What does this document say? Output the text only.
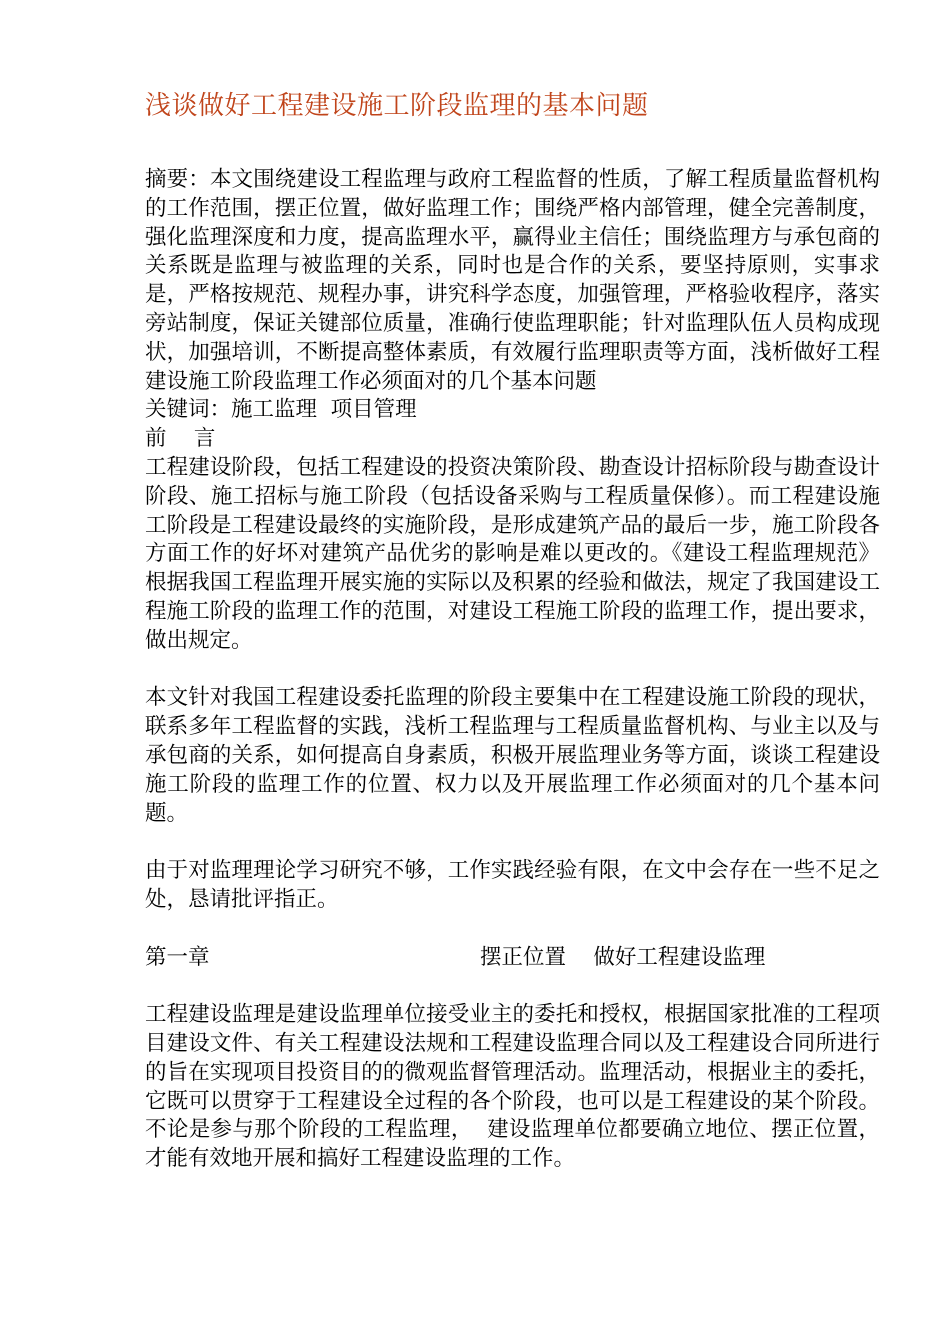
浅谈做好工程建设施工阶段监理的基本问题

摘要：本文围绕建设工程监理与政府工程监督的性质，了解工程质量监督机构的工作范围，摆正位置，做好监理工作；围绕严格内部管理，健全完善制度，强化监理深度和力度，提高监理水平，赢得业主信任；围绕监理方与承包商的关系既是监理与被监理的关系，同时也是合作的关系，要坚持原则，实事求是，严格按规范、规程办事，讲究科学态度，加强管理，严格验收程序，落实旁站制度，保证关键部位质量，准确行使监理职能；针对监理队伍人员构成现状，加强培训，不断提高整体素质，有效履行监理职责等方面，浅析做好工程建设施工阶段监理工作必须面对的几个基本问题

关键词：施工监理  项目管理

前    言

工程建设阶段，包括工程建设的投资决策阶段、勘查设计招标阶段与勘查设计阶段、施工招标与施工阶段（包括设备采购与工程质量保修）。而工程建设施工阶段是工程建设最终的实施阶段，是形成建筑产品的最后一步，施工阶段各方面工作的好坏对建筑产品优劣的影响是难以更改的。《建设工程监理规范》根据我国工程监理开展实施的实际以及积累的经验和做法，规定了我国建设工程施工阶段的监理工作的范围，对建设工程施工阶段的监理工作，提出要求，做出规定。

本文针对我国工程建设委托监理的阶段主要集中在工程建设施工阶段的现状，联系多年工程监督的实践，浅析工程监理与工程质量监督机构、与业主以及与承包商的关系，如何提高自身素质，积极开展监理业务等方面，谈谈工程建设施工阶段的监理工作的位置、权力以及开展监理工作必须面对的几个基本问题。

由于对监理理论学习研究不够，工作实践经验有限，在文中会存在一些不足之处，恳请批评指正。

第一章	摆正位置    做好工程建设监理

工程建设监理是建设监理单位接受业主的委托和授权，根据国家批准的工程项目建设文件、有关工程建设法规和工程建设监理合同以及工程建设合同所进行的旨在实现项目投资目的的微观监督管理活动。监理活动，根据业主的委托，它既可以贯穿于工程建设全过程的各个阶段，也可以是工程建设的某个阶段。不论是参与那个阶段的工程监理，  建设监理单位都要确立地位、摆正位置，才能有效地开展和搞好工程建设监理的工作。
